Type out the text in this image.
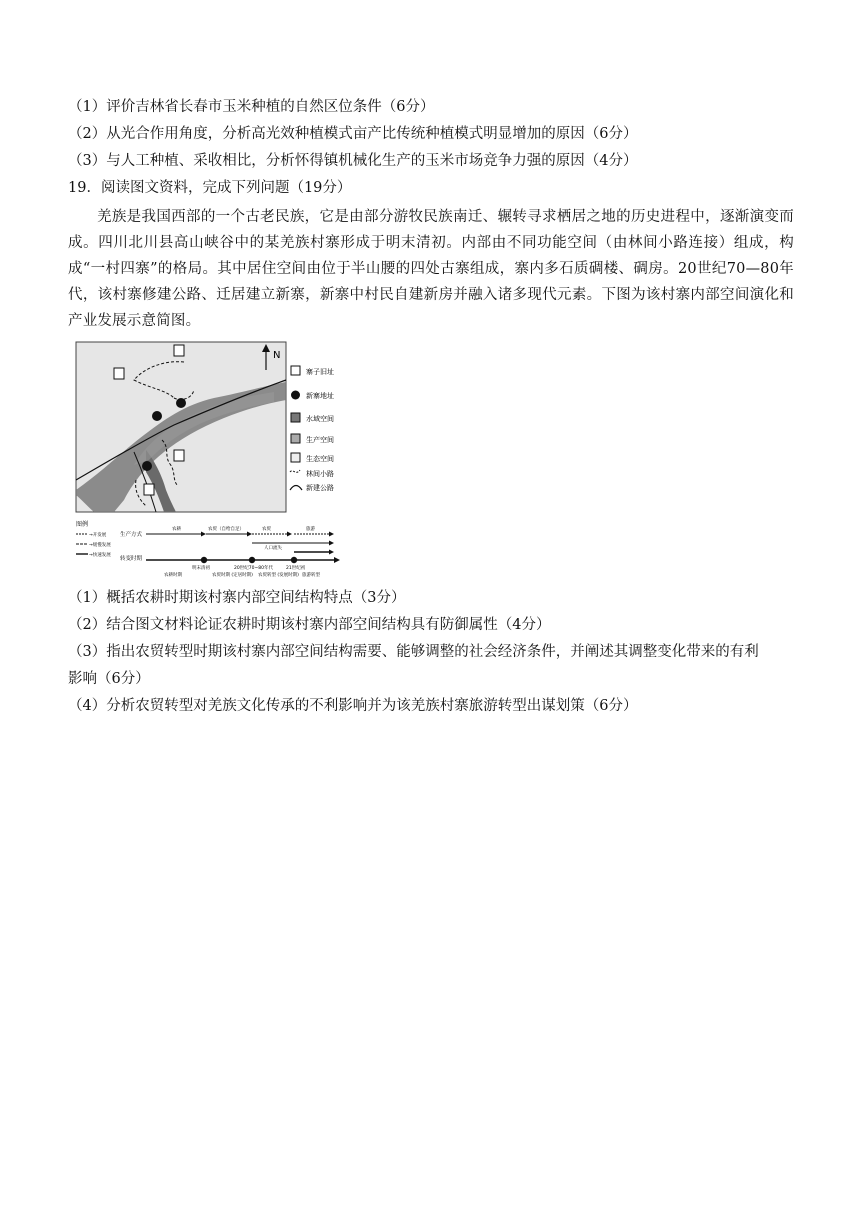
（1）评价吉林省长春市玉米种植的自然区位条件（6分）
（2）从光合作用角度，分析高光效种植模式亩产比传统种植模式明显增加的原因（6分）
（3）与人工种植、采收相比，分析怀得镇机械化生产的玉米市场竞争力强的原因（4分）
19．阅读图文资料，完成下列问题（19分）
羌族是我国西部的一个古老民族，它是由部分游牧民族南迁、辗转寻求栖居之地的历史进程中，逐渐演变而成。四川北川县高山峡谷中的某羌族村寨形成于明末清初。内部由不同功能空间（由林间小路连接）组成，构成“一村四寨”的格局。其中居住空间由位于半山腰的四处古寨组成，寨内多石质碉楼、碉房。20世纪70—80年代，该村寨修建公路、迁居建立新寨，新寨中村民自建新房并融入诸多现代元素。下图为该村寨内部空间演化和产业发展示意简图。
N
寨子旧址
新寨地址
水域空间
生产空间
生态空间
林间小路
新建公路
图例
→开发展
→缓慢发展
→快速发展
生产方式
转变时期
农耕	农贸（自给自足）	农贸	旅游
人口流失
明末清初	20世纪70~80年代	21世纪初
农耕时期	农贸时期 (定居时期) 农贸转型 (发展时期) 旅游转型
（1）概括农耕时期该村寨内部空间结构特点（3分）
（2）结合图文材料论证农耕时期该村寨内部空间结构具有防御属性（4分）
（3）指出农贸转型时期该村寨内部空间结构需要、能够调整的社会经济条件，并阐述其调整变化带来的有利
影响（6分）
（4）分析农贸转型对羌族文化传承的不利影响并为该羌族村寨旅游转型出谋划策（6分）
